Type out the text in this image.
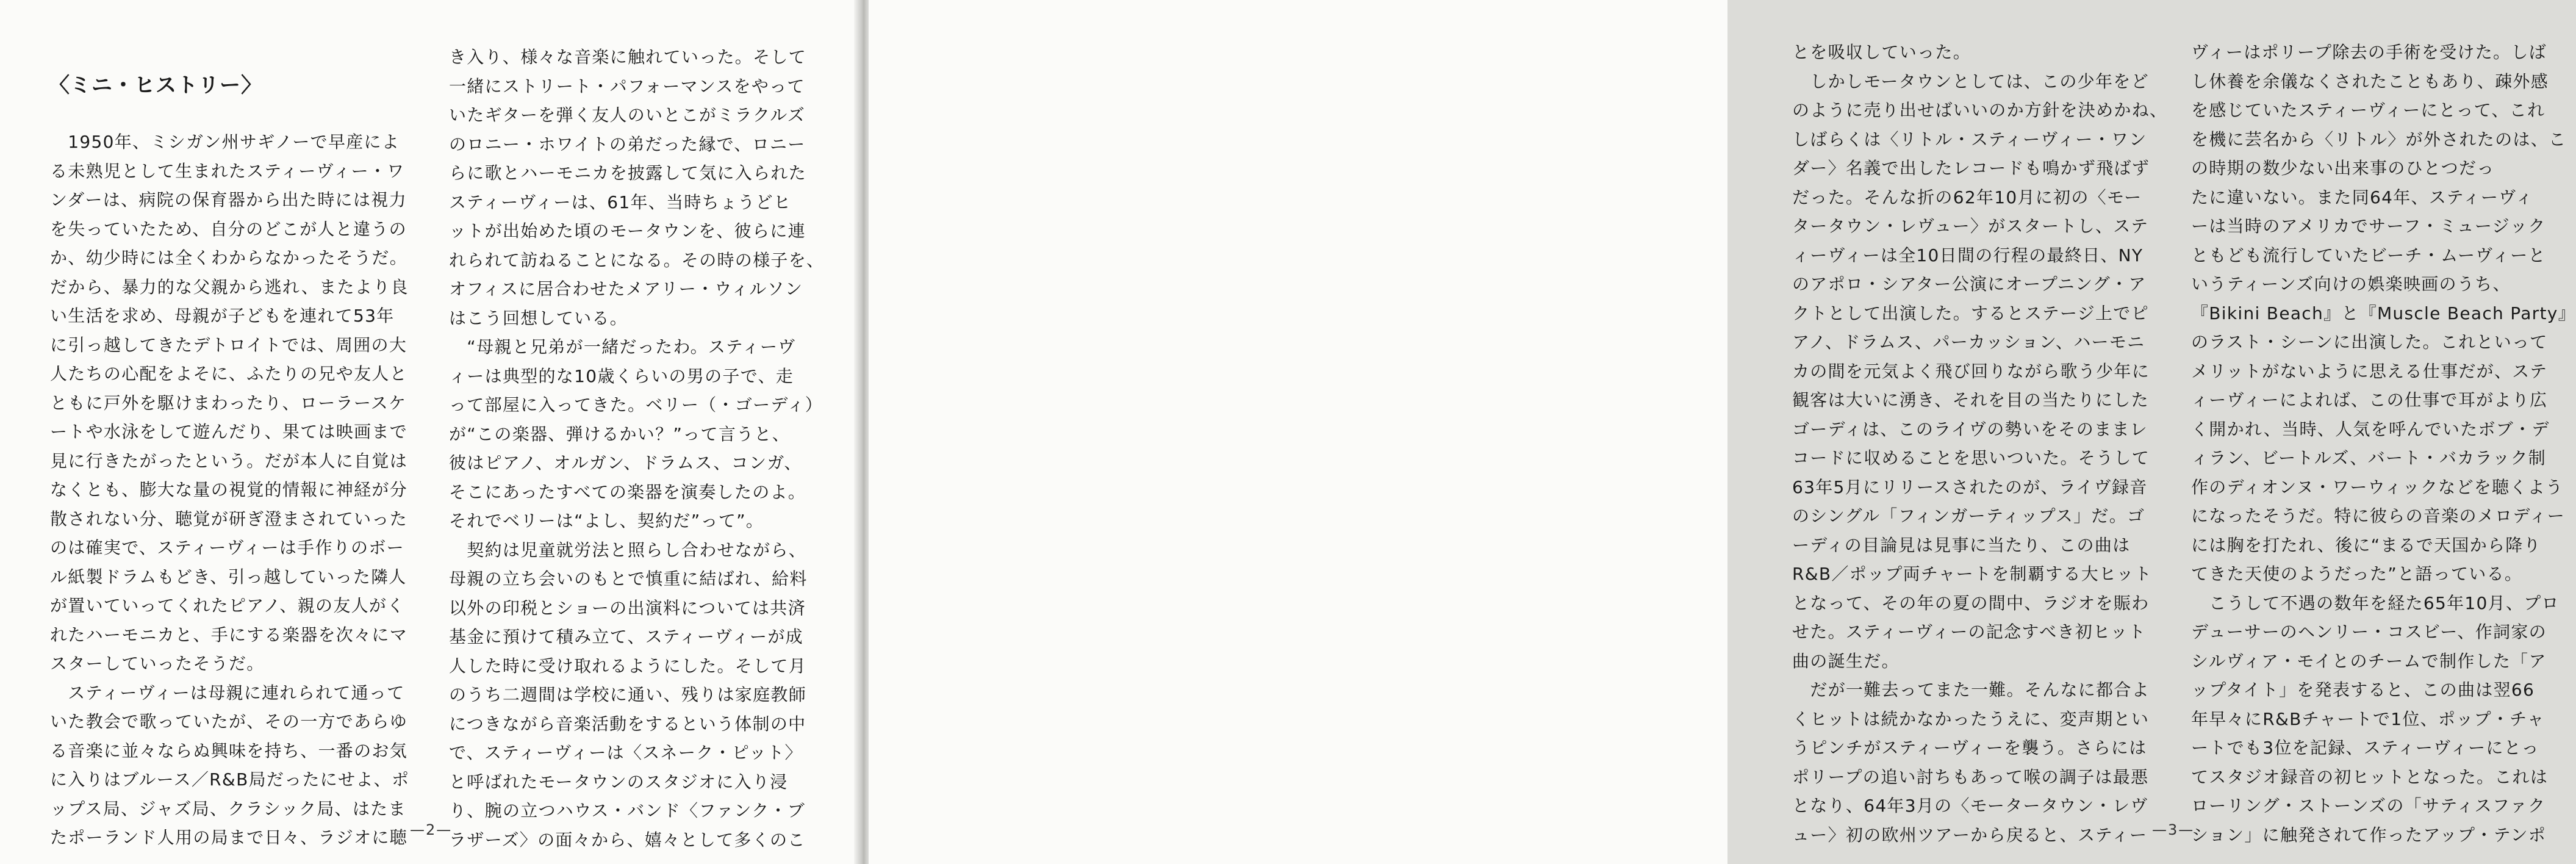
〈ミニ・ヒストリー〉
　1950年、ミシガン州サギノーで早産によ
る未熟児として生まれたスティーヴィー・ワ
ンダーは、病院の保育器から出た時には視力
を失っていたため、自分のどこが人と違うの
か、幼少時には全くわからなかったそうだ。
だから、暴力的な父親から逃れ、またより良
い生活を求め、母親が子どもを連れて53年
に引っ越してきたデトロイトでは、周囲の大
人たちの心配をよそに、ふたりの兄や友人と
ともに戸外を駆けまわったり、ローラースケ
ートや水泳をして遊んだり、果ては映画まで
見に行きたがったという。だが本人に自覚は
なくとも、膨大な量の視覚的情報に神経が分
散されない分、聴覚が研ぎ澄まされていった
のは確実で、スティーヴィーは手作りのボー
ル紙製ドラムもどき、引っ越していった隣人
が置いていってくれたピアノ、親の友人がく
れたハーモニカと、手にする楽器を次々にマ
スターしていったそうだ。
　スティーヴィーは母親に連れられて通って
いた教会で歌っていたが、その一方であらゆ
る音楽に並々ならぬ興味を持ち、一番のお気
に入りはブルース／R&B局だったにせよ、ポ
ップス局、ジャズ局、クラシック局、はたま
たポーランド人用の局まで日々、ラジオに聴
き入り、様々な音楽に触れていった。そして
一緒にストリート・パフォーマンスをやって
いたギターを弾く友人のいとこがミラクルズ
のロニー・ホワイトの弟だった縁で、ロニー
らに歌とハーモニカを披露して気に入られた
スティーヴィーは、61年、当時ちょうどヒ
ットが出始めた頃のモータウンを、彼らに連
れられて訪ねることになる。その時の様子を、
オフィスに居合わせたメアリー・ウィルソン
はこう回想している。
　“母親と兄弟が一緒だったわ。スティーヴ
ィーは典型的な10歳くらいの男の子で、走
って部屋に入ってきた。ベリー（・ゴーディ）
が“この楽器、弾けるかい？”って言うと、
彼はピアノ、オルガン、ドラムス、コンガ、
そこにあったすべての楽器を演奏したのよ。
それでベリーは“よし、契約だ”って”。
　契約は児童就労法と照らし合わせながら、
母親の立ち会いのもとで慎重に結ばれ、給料
以外の印税とショーの出演料については共済
基金に預けて積み立て、スティーヴィーが成
人した時に受け取れるようにした。そして月
のうち二週間は学校に通い、残りは家庭教師
につきながら音楽活動をするという体制の中
で、スティーヴィーは〈スネーク・ピット〉
と呼ばれたモータウンのスタジオに入り浸
り、腕の立つハウス・バンド〈ファンク・ブ
ラザーズ〉の面々から、嬉々として多くのこ
—2—
とを吸収していった。
　しかしモータウンとしては、この少年をど
のように売り出せばいいのか方針を決めかね、
しばらくは〈リトル・スティーヴィー・ワン
ダー〉名義で出したレコードも鳴かず飛ばず
だった。そんな折の62年10月に初の〈モー
タータウン・レヴュー〉がスタートし、ステ
ィーヴィーは全10日間の行程の最終日、NY
のアポロ・シアター公演にオープニング・ア
クトとして出演した。するとステージ上でピ
アノ、ドラムス、パーカッション、ハーモニ
カの間を元気よく飛び回りながら歌う少年に
観客は大いに湧き、それを目の当たりにした
ゴーディは、このライヴの勢いをそのままレ
コードに収めることを思いついた。そうして
63年5月にリリースされたのが、ライヴ録音
のシングル「フィンガーティップス」だ。ゴ
ーディの目論見は見事に当たり、この曲は
R&B／ポップ両チャートを制覇する大ヒット
となって、その年の夏の間中、ラジオを賑わ
せた。スティーヴィーの記念すべき初ヒット
曲の誕生だ。
　だが一難去ってまた一難。そんなに都合よ
くヒットは続かなかったうえに、変声期とい
うピンチがスティーヴィーを襲う。さらには
ポリープの追い討ちもあって喉の調子は最悪
となり、64年3月の〈モータータウン・レヴ
ュー〉初の欧州ツアーから戻ると、スティー
ヴィーはポリープ除去の手術を受けた。しば
し休養を余儀なくされたこともあり、疎外感
を感じていたスティーヴィーにとって、これ
を機に芸名から〈リトル〉が外されたのは、こ
の時期の数少ない出来事のひとつだっ
たに違いない。また同64年、スティーヴィ
ーは当時のアメリカでサーフ・ミュージック
ともども流行していたビーチ・ムーヴィーと
いうティーンズ向けの娯楽映画のうち、
『Bikini Beach』と『Muscle Beach Party』
のラスト・シーンに出演した。これといって
メリットがないように思える仕事だが、ステ
ィーヴィーによれば、この仕事で耳がより広
く開かれ、当時、人気を呼んでいたボブ・デ
ィラン、ビートルズ、バート・バカラック制
作のディオンヌ・ワーウィックなどを聴くよう
になったそうだ。特に彼らの音楽のメロディー
には胸を打たれ、後に“まるで天国から降り
てきた天使のようだった”と語っている。
　こうして不遇の数年を経た65年10月、プロ
デューサーのヘンリー・コスビー、作詞家の
シルヴィア・モイとのチームで制作した「ア
ップタイト」を発表すると、この曲は翌66
年早々にR&Bチャートで1位、ポップ・チャ
ートでも3位を記録、スティーヴィーにとっ
てスタジオ録音の初ヒットとなった。これは
ローリング・ストーンズの「サティスファク
ション」に触発されて作ったアップ・テンポ
—3—
